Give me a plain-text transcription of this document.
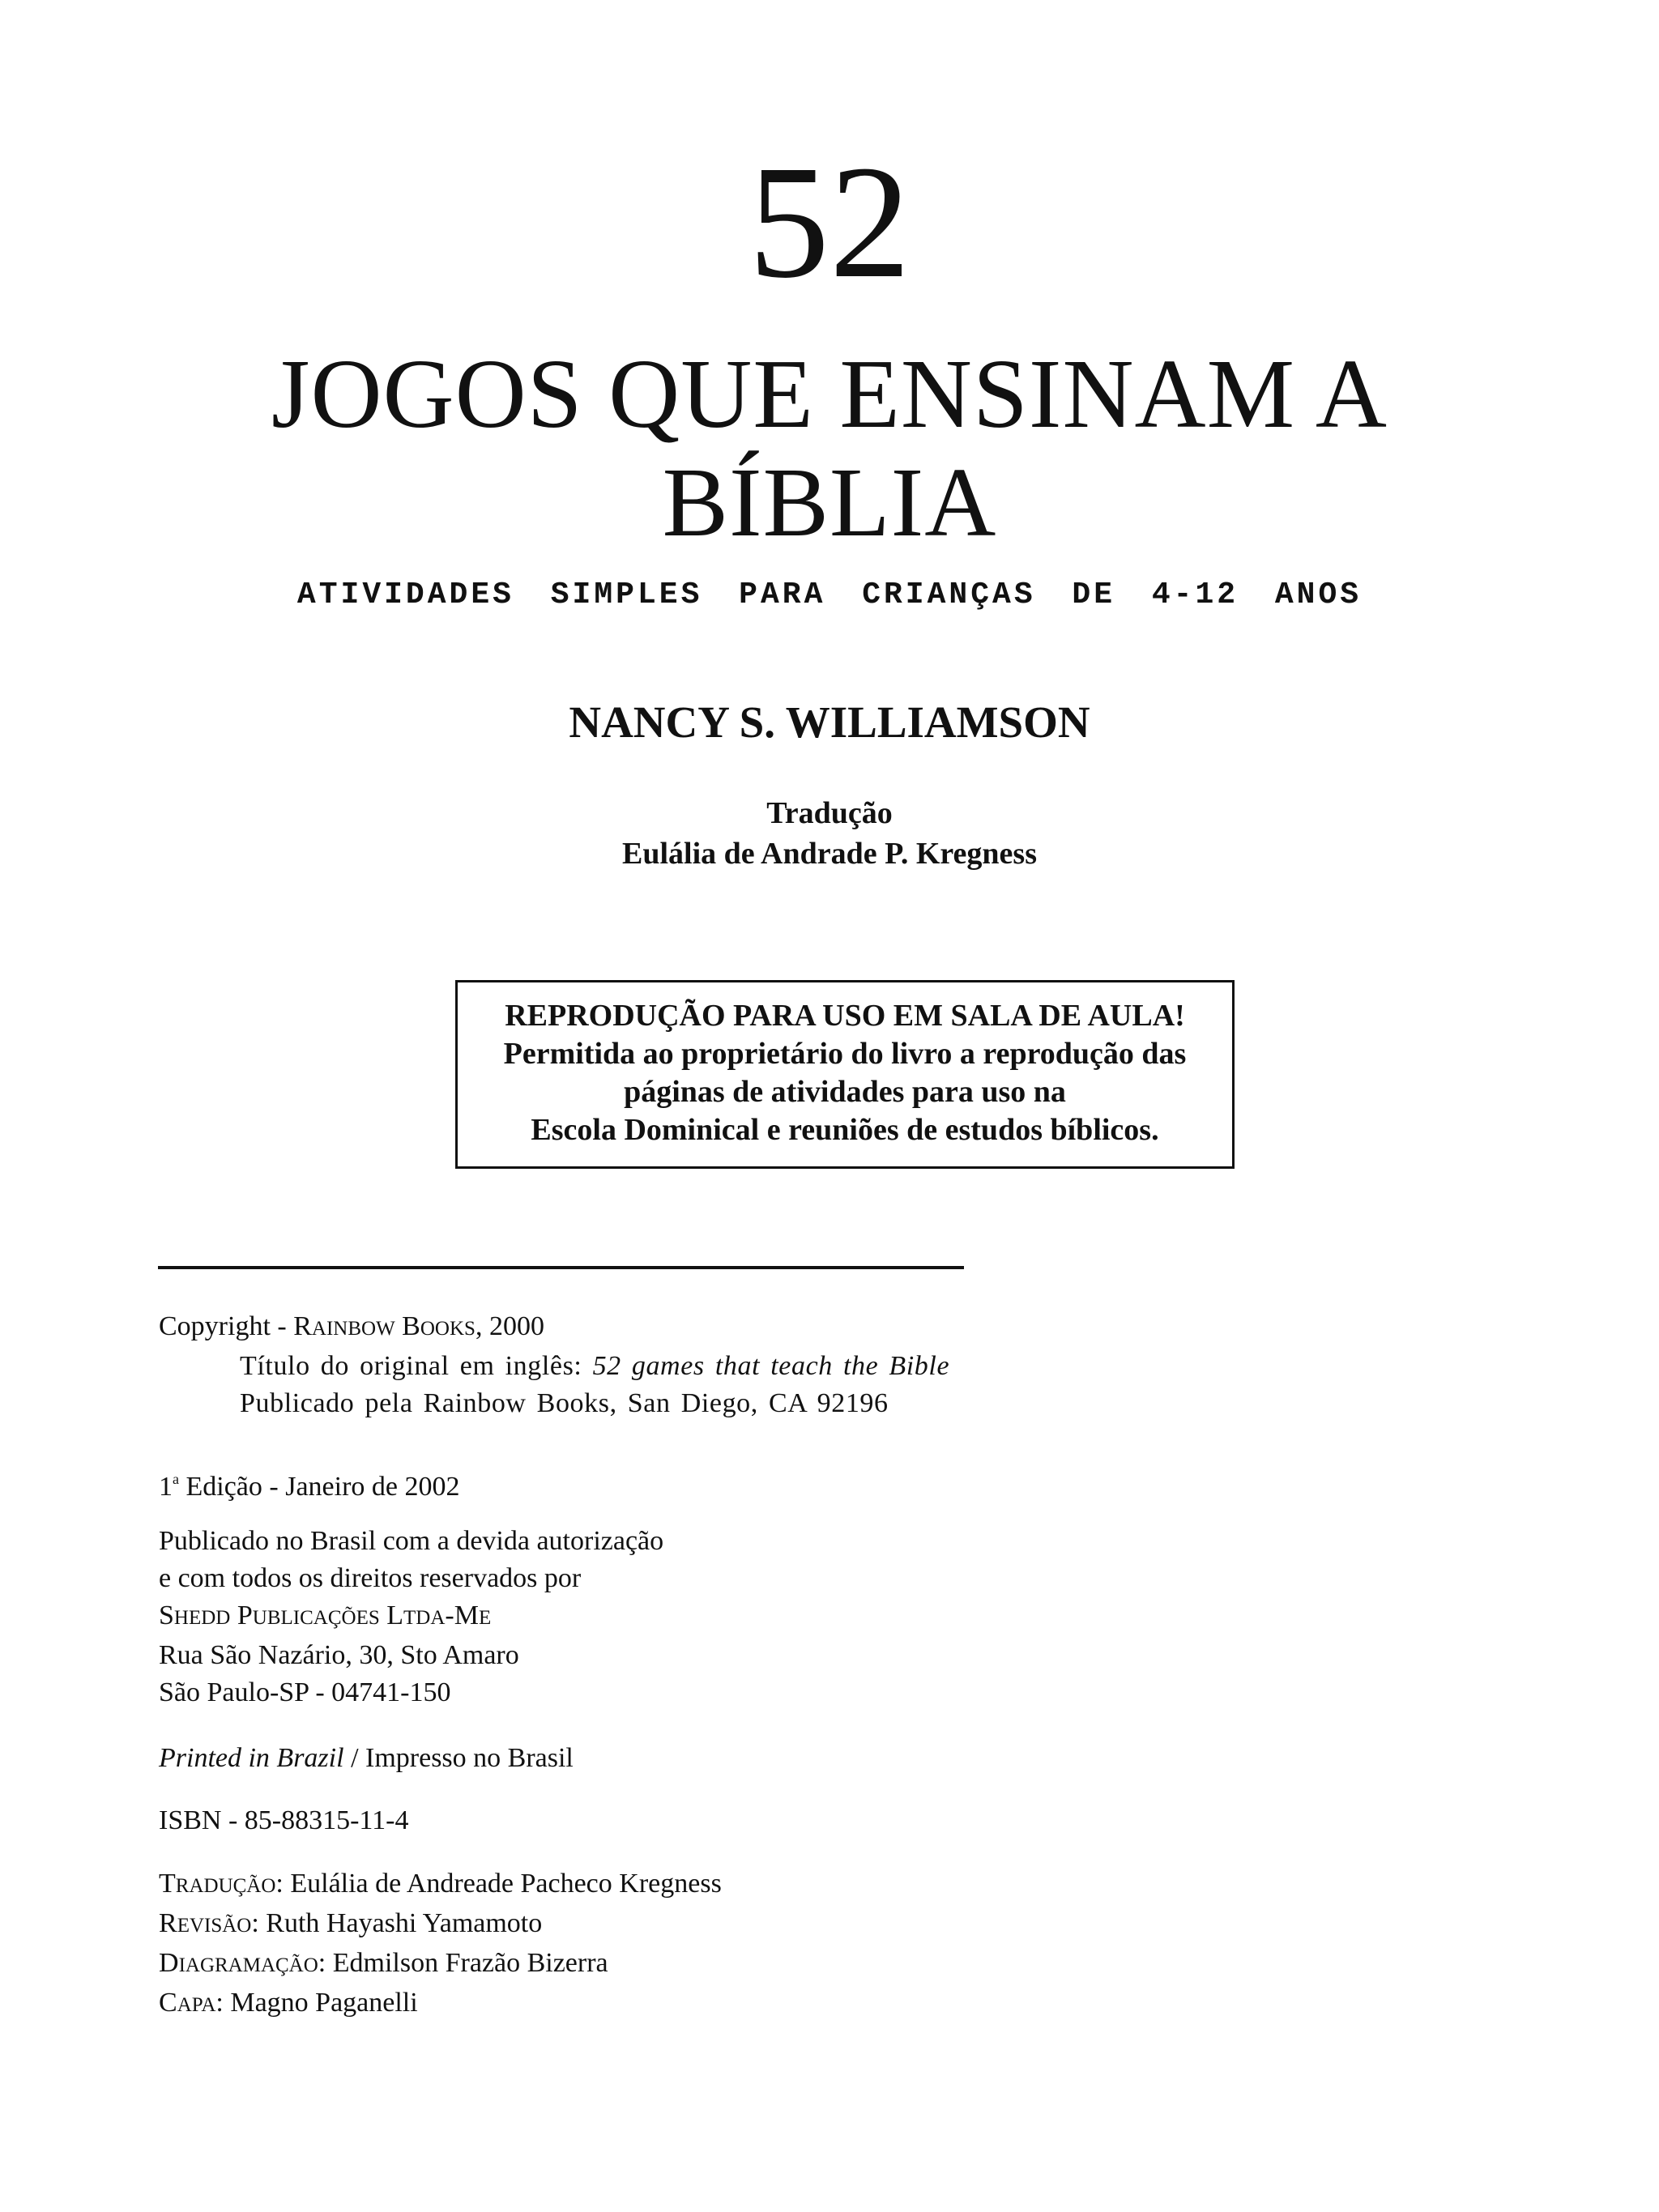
52
JOGOS QUE ENSINAM A
BÍBLIA
ATIVIDADES SIMPLES PARA CRIANÇAS DE 4-12 ANOS
NANCY S. WILLIAMSON
Tradução
Eulália de Andrade P. Kregness
REPRODUÇÃO PARA USO EM SALA DE AULA!
Permitida ao proprietário do livro a reprodução das
páginas de atividades para uso na
Escola Dominical e reuniões de estudos bíblicos.
Copyright - RAINBOW BOOKS, 2000
Título do original em inglês: 52 games that teach the Bible
Publicado pela Rainbow Books, San Diego, CA 92196
1$^a$ Edição - Janeiro de 2002
Publicado no Brasil com a devida autorização
e com todos os direitos reservados por
SHEDD PUBLICAÇÕES LTDA-ME
Rua São Nazário, 30, Sto Amaro
São Paulo-SP - 04741-150
Printed in Brazil / Impresso no Brasil
ISBN - 85-88315-11-4
TRADUÇÃO: Eulália de Andreade Pacheco Kregness
REVISÃO: Ruth Hayashi Yamamoto
DIAGRAMAÇÃO: Edmilson Frazão Bizerra
CAPA: Magno Paganelli
